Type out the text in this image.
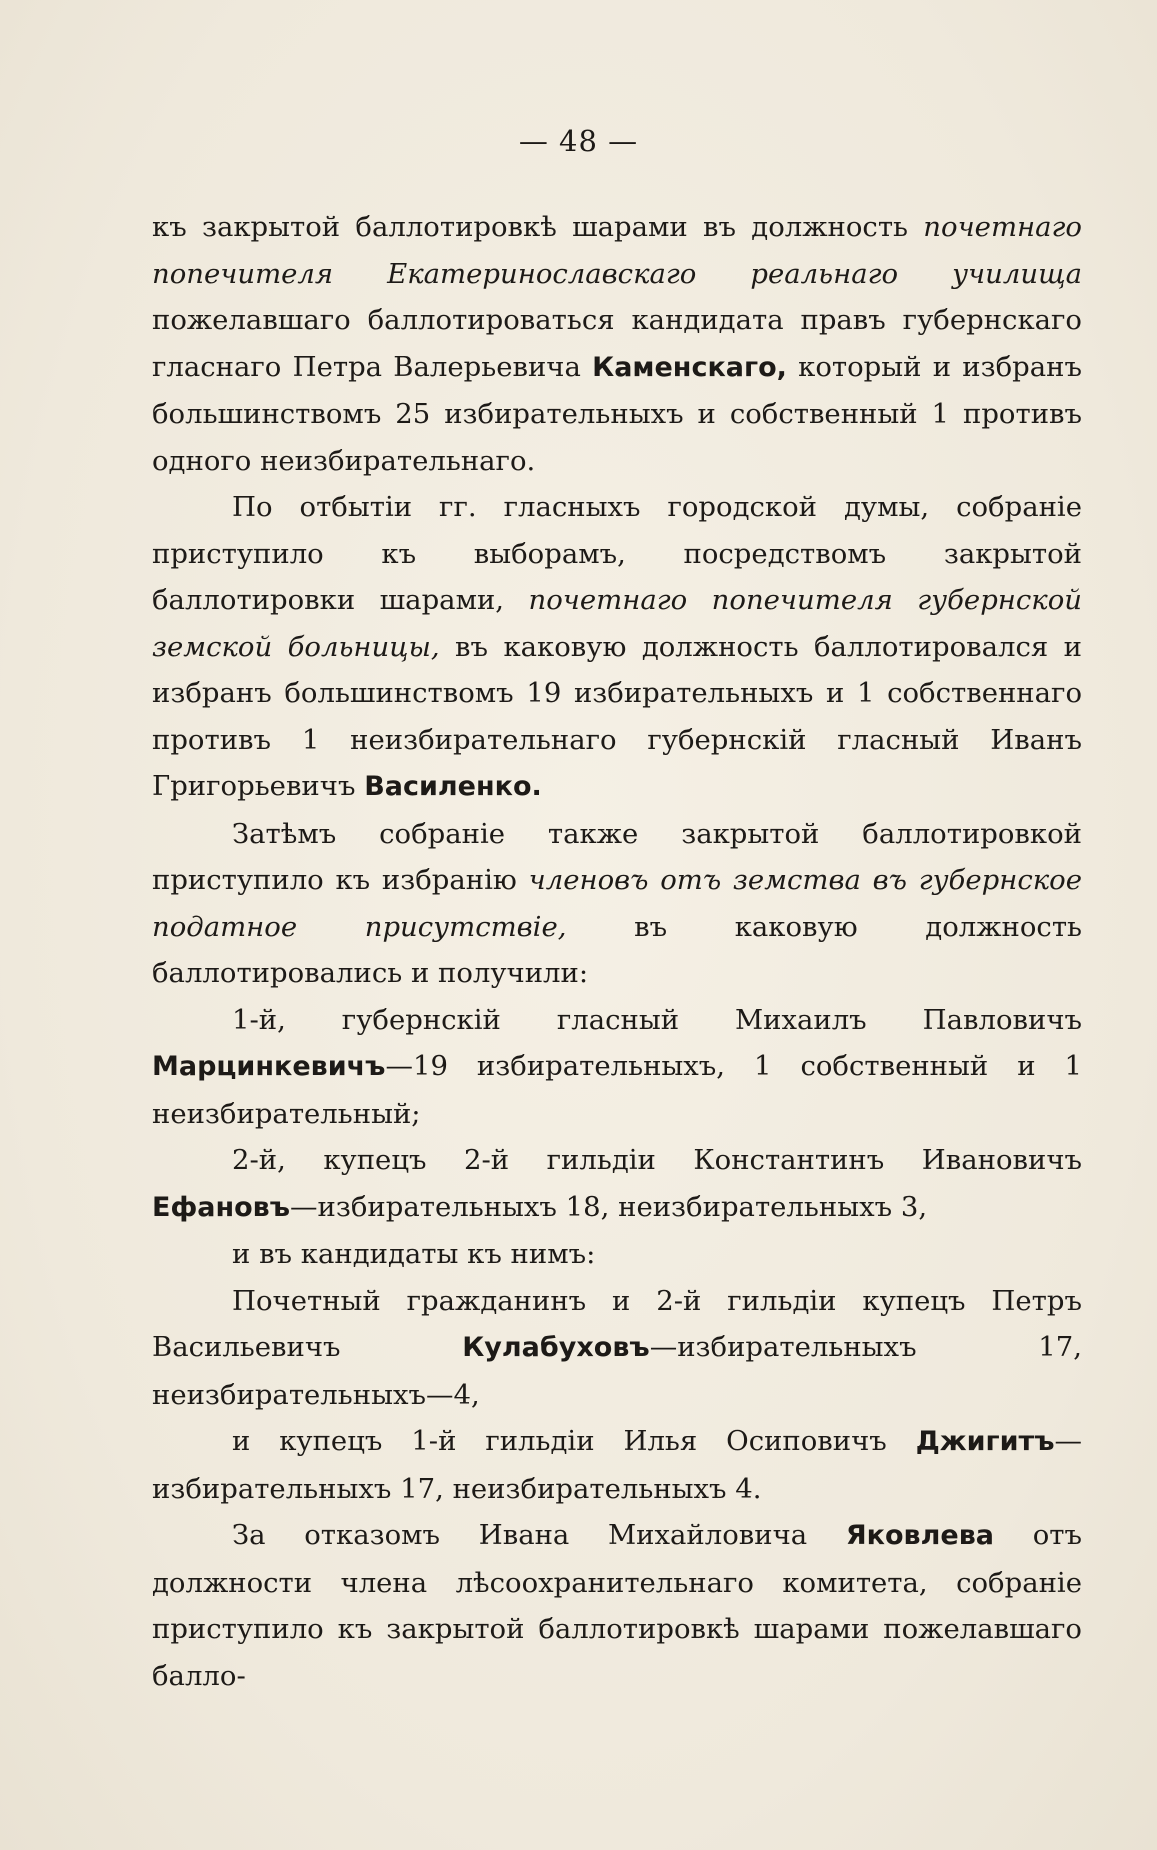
— 48 —

къ закрытой баллотировкѣ шарами въ должность почетнаго попечителя Екатеринославскаго реальнаго училища пожелавшаго баллотироваться кандидата правъ губернскаго гласнаго Петра Валерьевича Каменскаго, который и избранъ большинствомъ 25 избирательныхъ и собственный 1 противъ одного неизбирательнаго.

По отбытіи гг. гласныхъ городской думы, собраніе приступило къ выборамъ, посредствомъ закрытой баллотировки шарами, почетнаго попечителя губернской земской больницы, въ каковую должность баллотировался и избранъ большинствомъ 19 избирательныхъ и 1 собственнаго противъ 1 неизбирательнаго губернскій гласный Иванъ Григорьевичъ Василенко.

Затѣмъ собраніе также закрытой баллотировкой приступило къ избранію членовъ отъ земства въ губернское податное присутствіе, въ каковую должность баллотировались и получили:

1-й, губернскій гласный Михаилъ Павловичъ Марцинкевичъ—19 избирательныхъ, 1 собственный и 1 неизбирательный;

2-й, купецъ 2-й гильдіи Константинъ Ивановичъ Ефановъ—избирательныхъ 18, неизбирательныхъ 3,

и въ кандидаты къ нимъ:

Почетный гражданинъ и 2-й гильдіи купецъ Петръ Васильевичъ Кулабуховъ—избирательныхъ 17, неизбирательныхъ—4,

и купецъ 1-й гильдіи Илья Осиповичъ Джигитъ—избирательныхъ 17, неизбирательныхъ 4.

За отказомъ Ивана Михайловича Яковлева отъ должности члена лѣсоохранительнаго комитета, собраніе приступило къ закрытой баллотировкѣ шарами пожелавшаго балло-
